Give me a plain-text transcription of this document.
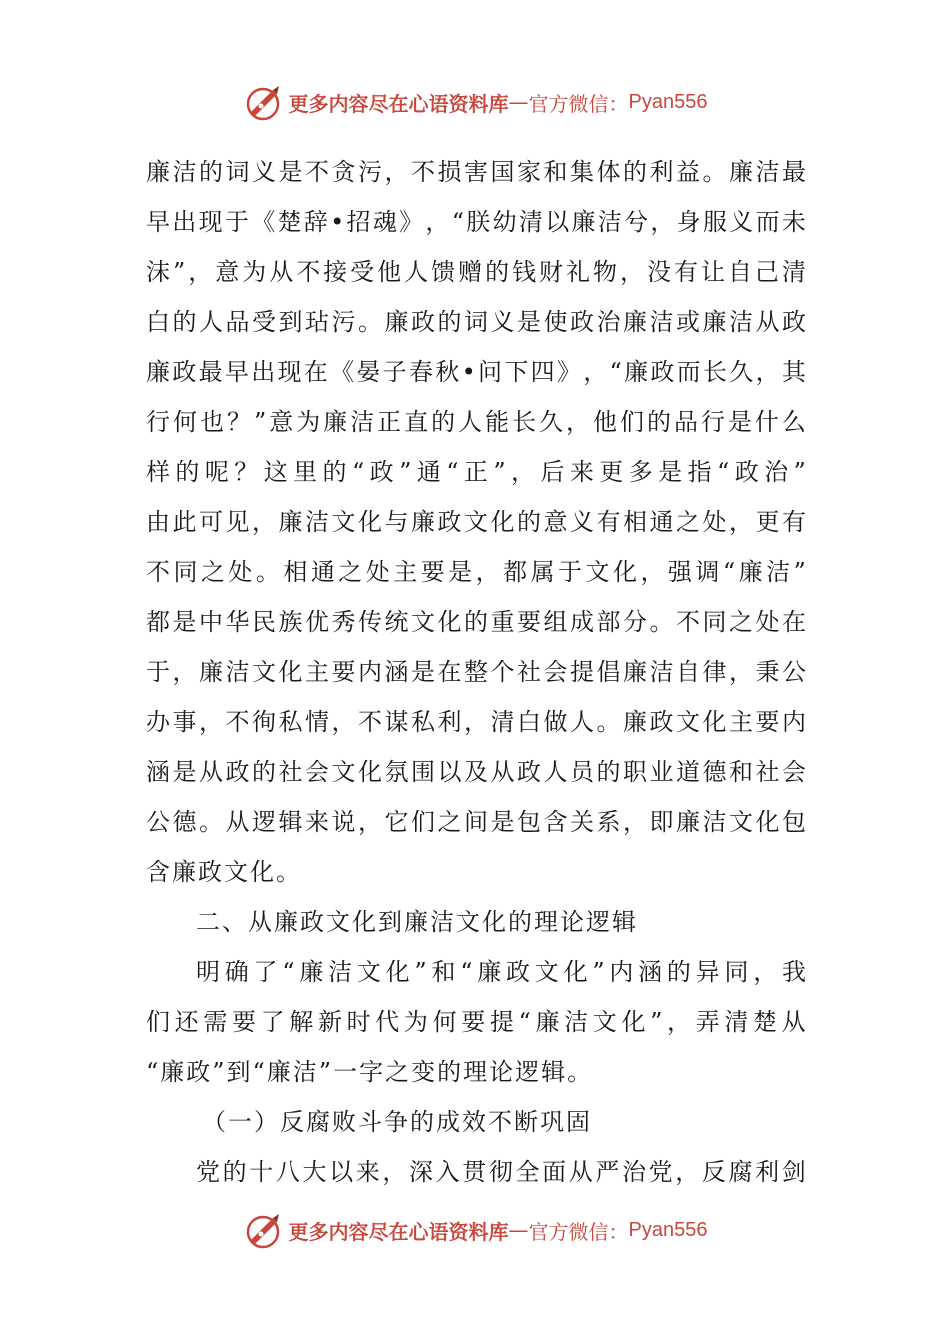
更多内容尽在心语资料库 — 官方微信： Pyan556
廉 洁 的 词 义 是 不 贪 污 ， 不 损 害 国 家 和 集 体 的 利 益 。 廉 洁 最
早 出 现 于 《 楚 辞 • 招 魂 》 ， “ 朕 幼 清 以 廉 洁 兮 ， 身 服 义 而 未
沫 ” ， 意 为 从 不 接 受 他 人 馈 赠 的 钱 财 礼 物 ， 没 有 让 自 己 清
白 的 人 品 受 到 玷 污 。 廉 政 的 词 义 是 使 政 治 廉 洁 或 廉 洁 从 政
廉 政 最 早 出 现 在 《 晏 子 春 秋 • 问 下 四 》 ， “ 廉 政 而 长 久 ， 其
行 何 也 ？ ” 意 为 廉 洁 正 直 的 人 能 长 久 ， 他 们 的 品 行 是 什 么
样 的 呢 ？ 这 里 的 “ 政 ” 通 “ 正 ” ， 后 来 更 多 是 指 “ 政 治 ”
由 此 可 见 ， 廉 洁 文 化 与 廉 政 文 化 的 意 义 有 相 通 之 处 ， 更 有
不 同 之 处 。 相 通 之 处 主 要 是 ， 都 属 于 文 化 ， 强 调 “ 廉 洁 ”
都 是 中 华 民 族 优 秀 传 统 文 化 的 重 要 组 成 部 分 。 不 同 之 处 在
于 ， 廉 洁 文 化 主 要 内 涵 是 在 整 个 社 会 提 倡 廉 洁 自 律 ， 秉 公
办 事 ， 不 徇 私 情 ， 不 谋 私 利 ， 清 白 做 人 。 廉 政 文 化 主 要 内
涵 是 从 政 的 社 会 文 化 氛 围 以 及 从 政 人 员 的 职 业 道 德 和 社 会
公 德 。 从 逻 辑 来 说 ， 它 们 之 间 是 包 含 关 系 ， 即 廉 洁 文 化 包
含廉政文化。
二、从廉政文化到廉洁文化的理论逻辑
明 确 了 “ 廉 洁 文 化 ” 和 “ 廉 政 文 化 ” 内 涵 的 异 同 ， 我
们 还 需 要 了 解 新 时 代 为 何 要 提 “ 廉 洁 文 化 ” ， 弄 清 楚 从
“廉政”到“廉洁”一字之变的理论逻辑。
（一）反腐败斗争的成效不断巩固
党 的 十 八 大 以 来 ， 深 入 贯 彻 全 面 从 严 治 党 ， 反 腐 利 剑
更多内容尽在心语资料库 — 官方微信： Pyan556
